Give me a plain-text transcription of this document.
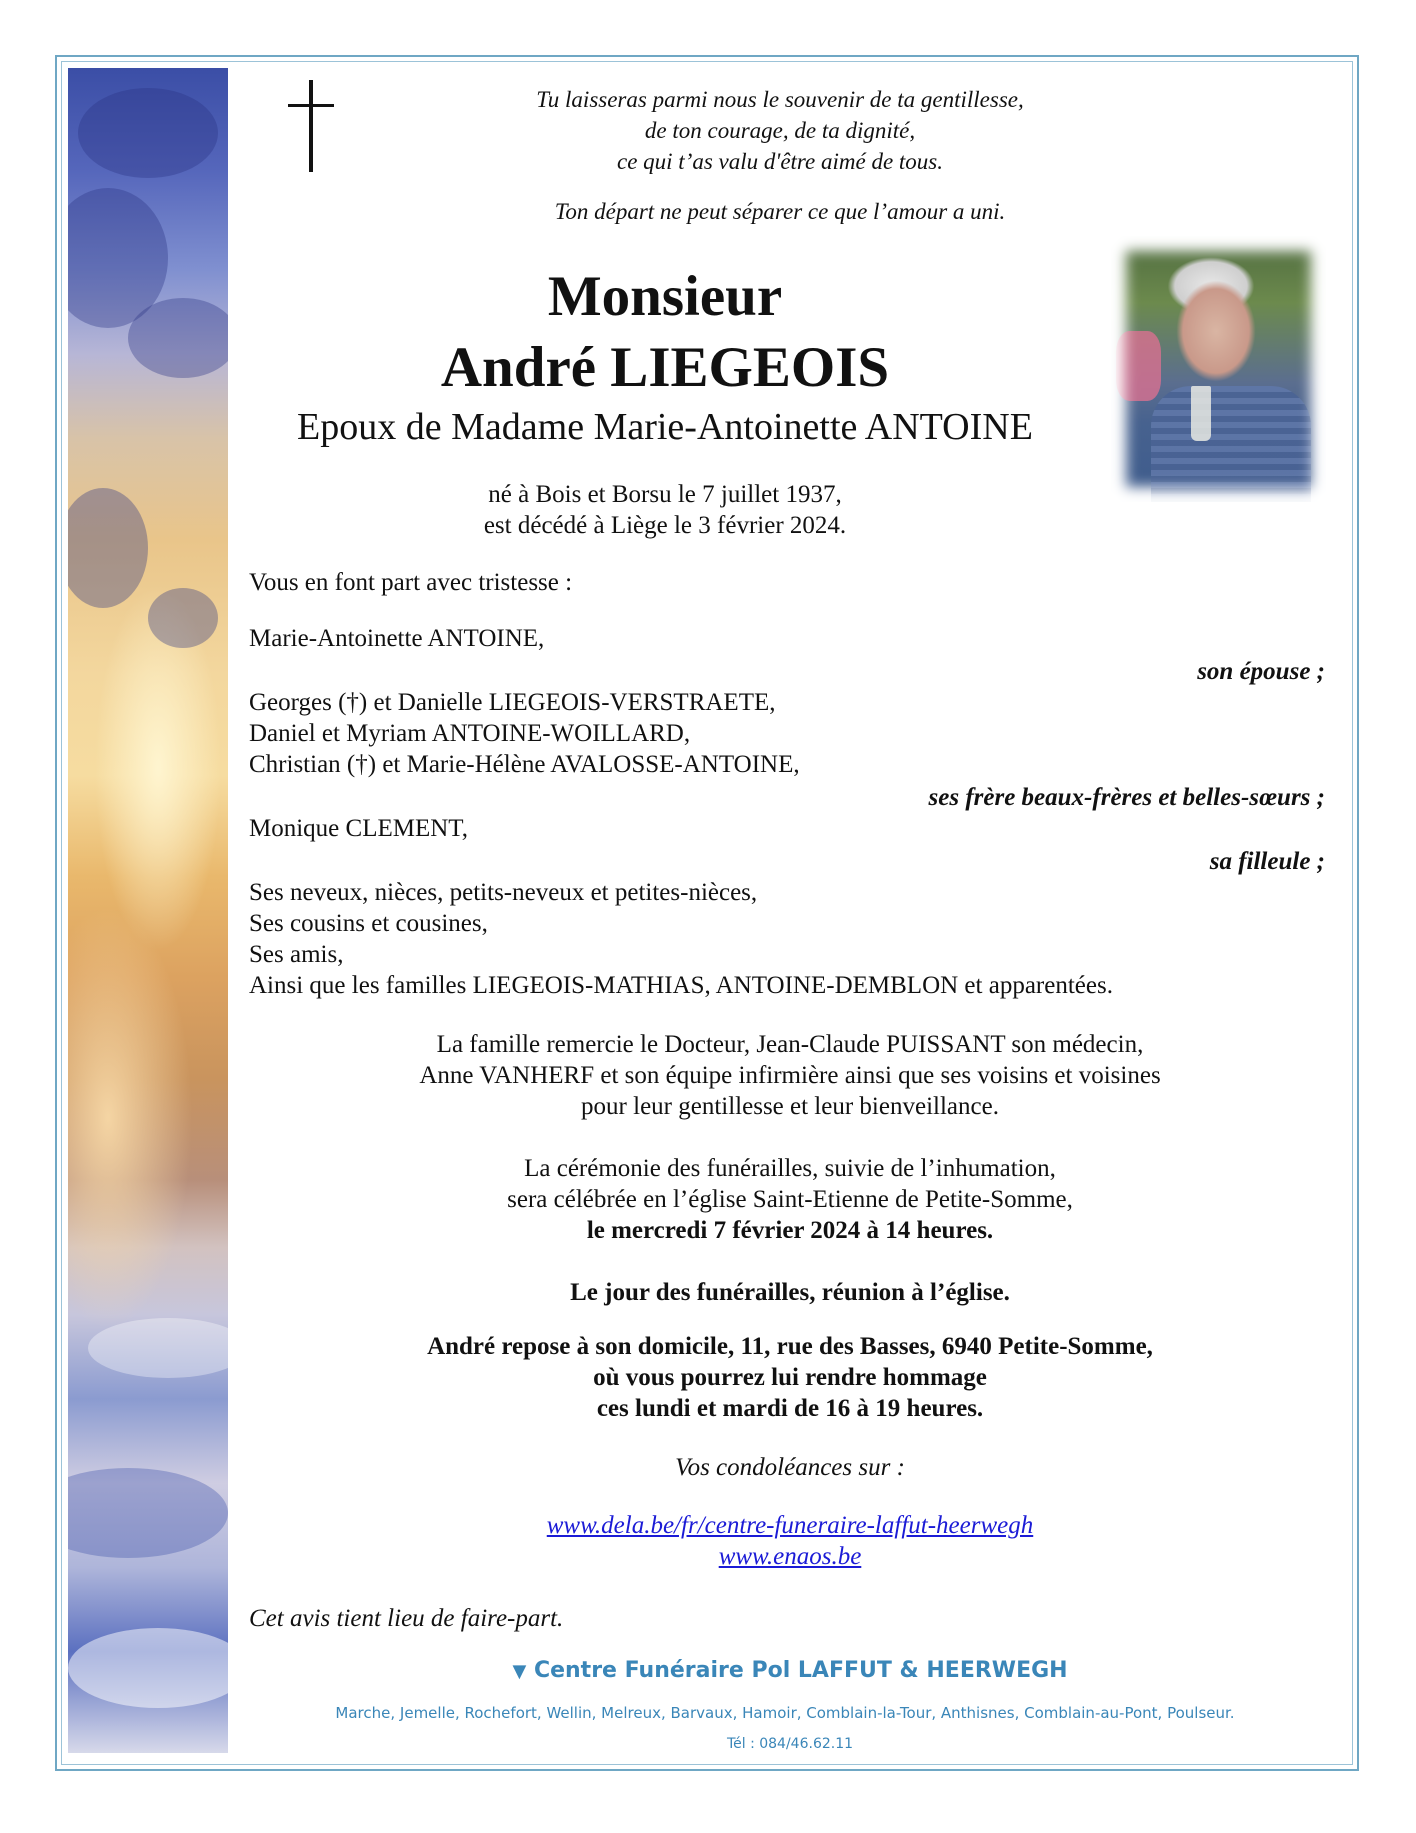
Tu laisseras parmi nous le souvenir de ta gentillesse,
de ton courage, de ta dignité,
ce qui t’as valu d'être aimé de tous.
Ton départ ne peut séparer ce que l’amour a uni.
Monsieur
André LIEGEOIS
Epoux de Madame Marie-Antoinette ANTOINE
né à Bois et Borsu le 7 juillet 1937,
est décédé à Liège le 3 février 2024.
Vous en font part avec tristesse :
Marie-Antoinette ANTOINE,
son épouse ;
Georges (†) et Danielle LIEGEOIS-VERSTRAETE,
Daniel et Myriam ANTOINE-WOILLARD,
Christian (†) et Marie-Hélène AVALOSSE-ANTOINE,
ses frère beaux-frères et belles-sœurs ;
Monique CLEMENT,
sa filleule ;
Ses neveux, nièces, petits-neveux et petites-nièces,
Ses cousins et cousines,
Ses amis,
Ainsi que les familles LIEGEOIS-MATHIAS, ANTOINE-DEMBLON et apparentées.
La famille remercie le Docteur, Jean-Claude PUISSANT son médecin,
Anne VANHERF et son équipe infirmière ainsi que ses voisins et voisines
pour leur gentillesse et leur bienveillance.
La cérémonie des funérailles, suivie de l’inhumation,
sera célébrée en l’église Saint-Etienne de Petite-Somme,
le mercredi 7 février 2024 à 14 heures.
Le jour des funérailles, réunion à l’église.
André repose à son domicile, 11, rue des Basses, 6940 Petite-Somme,
où vous pourrez lui rendre hommage
ces lundi et mardi de 16 à 19 heures.
Vos condoléances sur :
www.dela.be/fr/centre-funeraire-laffut-heerwegh
www.enaos.be
Cet avis tient lieu de faire-part.
▼ Centre Funéraire Pol LAFFUT & HEERWEGH
Marche, Jemelle, Rochefort, Wellin, Melreux, Barvaux, Hamoir, Comblain-la-Tour, Anthisnes, Comblain-au-Pont, Poulseur.
Tél : 084/46.62.11
